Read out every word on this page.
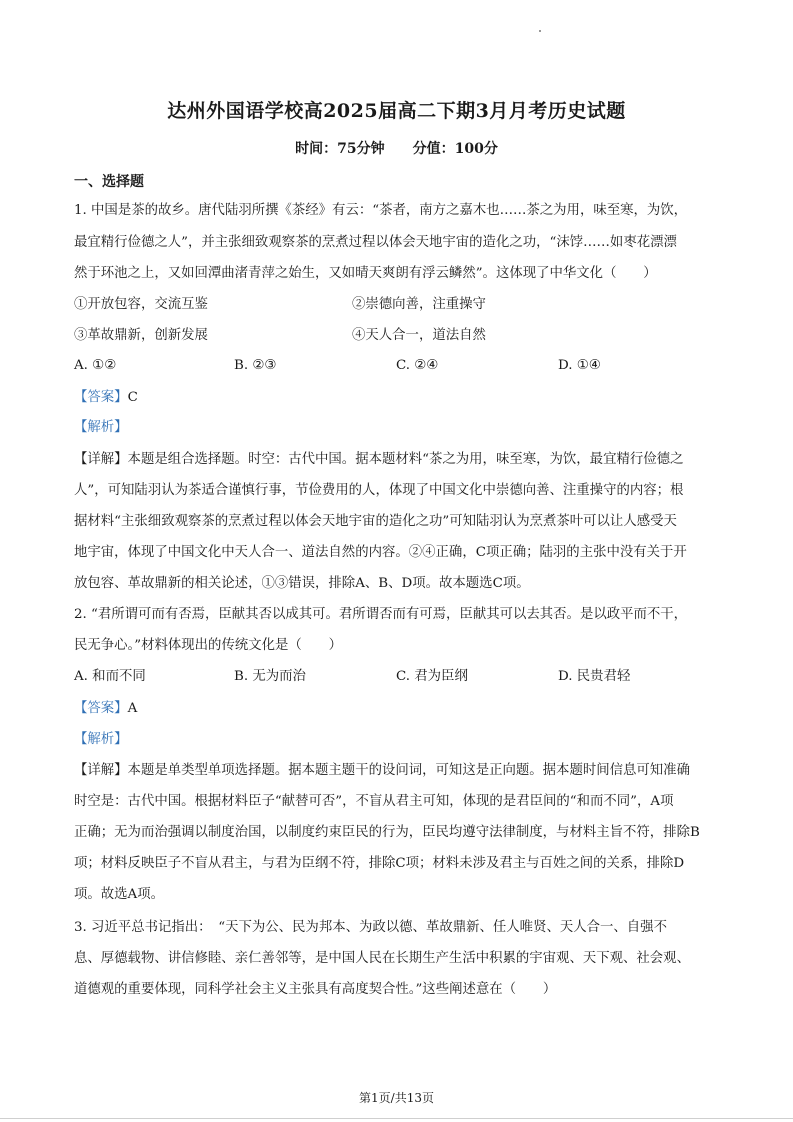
达州外国语学校高2025届高二下期3月月考历史试题
时间：75分钟 分值：100分
一、选择题
1. 中国是茶的故乡。唐代陆羽所撰《茶经》有云：“茶者，南方之嘉木也……茶之为用，味至寒，为饮，
最宜精行俭德之人”，并主张细致观察茶的烹煮过程以体会天地宇宙的造化之功，“沫饽……如枣花漂漂
然于环池之上，又如回潭曲渚青萍之始生，又如晴天爽朗有浮云鳞然”。这体现了中华文化（　　）
①开放包容，交流互鉴	②崇德向善，注重操守
③革故鼎新，创新发展	④天人合一，道法自然
A. ①②	B. ②③	C. ②④	D. ①④
【答案】C
【解析】
【详解】本题是组合选择题。时空：古代中国。据本题材料“茶之为用，味至寒，为饮，最宜精行俭德之
人”，可知陆羽认为茶适合谨慎行事，节俭费用的人，体现了中国文化中崇德向善、注重操守的内容；根
据材料“主张细致观察茶的烹煮过程以体会天地宇宙的造化之功”可知陆羽认为烹煮茶叶可以让人感受天
地宇宙，体现了中国文化中天人合一、道法自然的内容。②④正确，C项正确；陆羽的主张中没有关于开
放包容、革故鼎新的相关论述，①③错误，排除A、B、D项。故本题选C项。
2. “君所谓可而有否焉，臣献其否以成其可。君所谓否而有可焉，臣献其可以去其否。是以政平而不干，
民无争心。”材料体现出的传统文化是（　　）
A. 和而不同	B. 无为而治	C. 君为臣纲	D. 民贵君轻
【答案】A
【解析】
【详解】本题是单类型单项选择题。据本题主题干的设问词，可知这是正向题。据本题时间信息可知准确
时空是：古代中国。根据材料臣子“献替可否”，不盲从君主可知，体现的是君臣间的“和而不同”，A项
正确；无为而治强调以制度治国，以制度约束臣民的行为，臣民均遵守法律制度，与材料主旨不符，排除B
项；材料反映臣子不盲从君主，与君为臣纲不符，排除C项；材料未涉及君主与百姓之间的关系，排除D
项。故选A项。
3. 习近平总书记指出：　“天下为公、民为邦本、为政以德、革故鼎新、任人唯贤、天人合一、自强不
息、厚德载物、讲信修睦、亲仁善邻等，是中国人民在长期生产生活中积累的宇宙观、天下观、社会观、
道德观的重要体现，同科学社会主义主张具有高度契合性。”这些阐述意在（　　）
第1页/共13页
